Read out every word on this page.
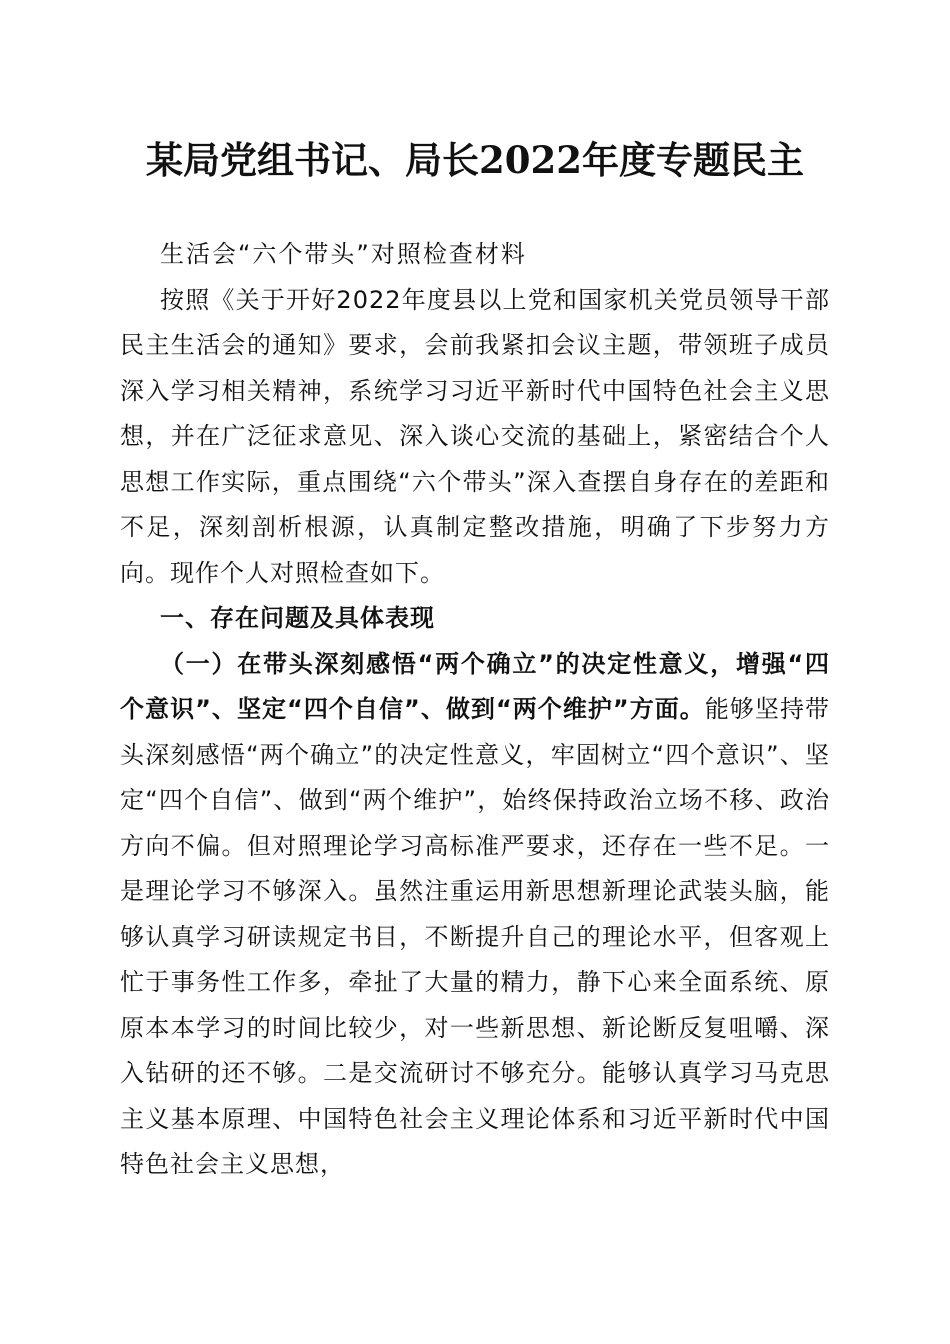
某局党组书记、局长2022年度专题民主

生活会“六个带头”对照检查材料

按照《关于开好2022年度县以上党和国家机关党员领导干部民主生活会的通知》要求，会前我紧扣会议主题，带领班子成员深入学习相关精神，系统学习习近平新时代中国特色社会主义思想，并在广泛征求意见、深入谈心交流的基础上，紧密结合个人思想工作实际，重点围绕“六个带头”深入查摆自身存在的差距和不足，深刻剖析根源，认真制定整改措施，明确了下步努力方向。现作个人对照检查如下。

一、存在问题及具体表现

（一）在带头深刻感悟“两个确立”的决定性意义，增强“四个意识”、坚定“四个自信”、做到“两个维护”方面。能够坚持带头深刻感悟“两个确立”的决定性意义，牢固树立“四个意识”、坚定“四个自信”、做到“两个维护”，始终保持政治立场不移、政治方向不偏。但对照理论学习高标准严要求，还存在一些不足。一是理论学习不够深入。虽然注重运用新思想新理论武装头脑，能够认真学习研读规定书目，不断提升自己的理论水平，但客观上忙于事务性工作多，牵扯了大量的精力，静下心来全面系统、原原本本学习的时间比较少，对一些新思想、新论断反复咀嚼、深入钻研的还不够。二是交流研讨不够充分。能够认真学习马克思主义基本原理、中国特色社会主义理论体系和习近平新时代中国特色社会主义思想，
